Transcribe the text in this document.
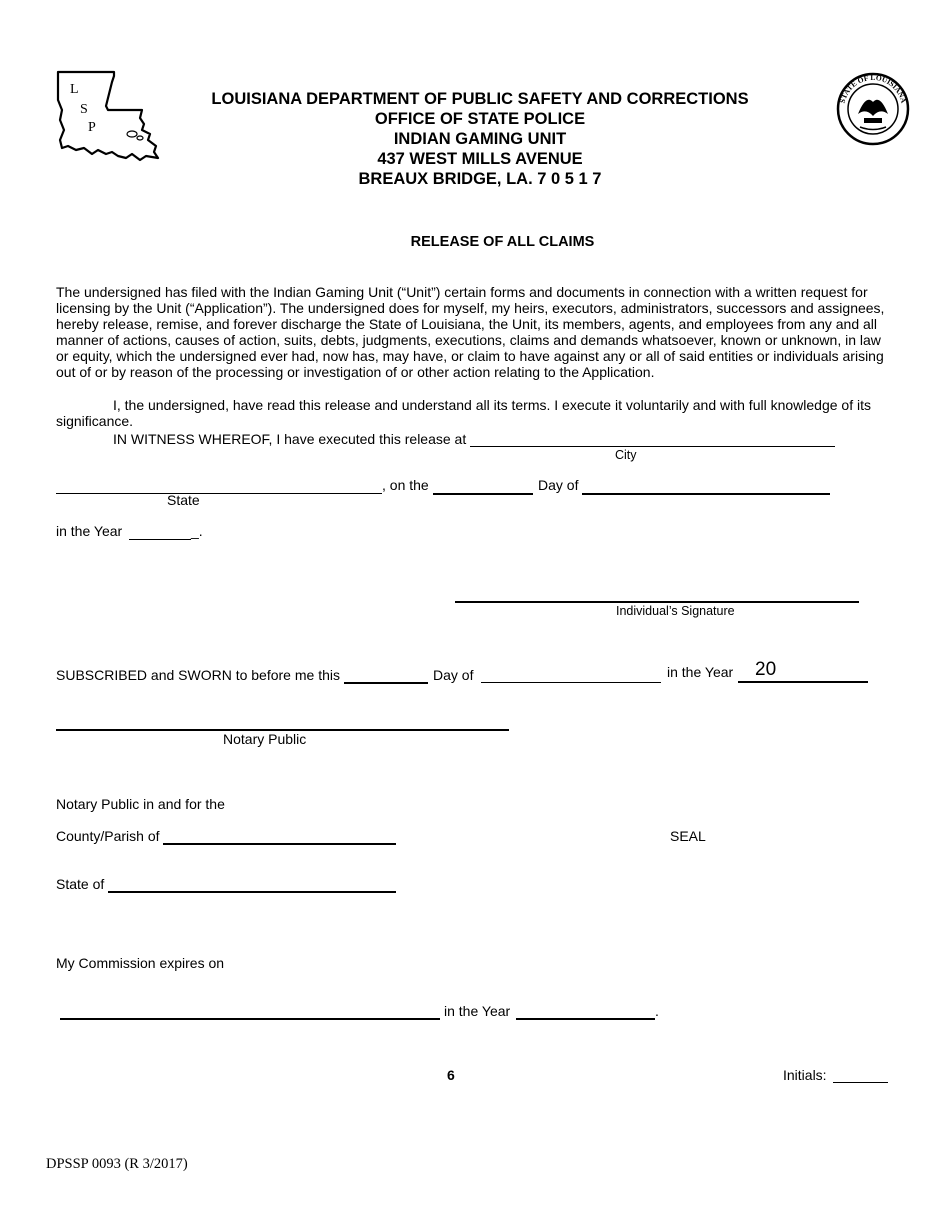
L
S
P
LOUISIANA DEPARTMENT OF PUBLIC SAFETY AND CORRECTIONS
OFFICE OF STATE POLICE
INDIAN GAMING UNIT
437 WEST MILLS AVENUE
BREAUX BRIDGE, LA. 7 0 5 1 7
STATE OF LOUISIANA
RELEASE OF ALL CLAIMS
The undersigned has filed with the Indian Gaming Unit (“Unit”) certain forms and documents in connection with a written request for licensing by the Unit (“Application”). The undersigned does for myself, my heirs, executors, administrators, successors and assignees, hereby release, remise, and forever discharge the State of Louisiana, the Unit, its members, agents, and employees from any and all manner of actions, causes of action, suits, debts, judgments, executions, claims and demands whatsoever, known or unknown, in law or equity, which the undersigned ever had, now has, may have, or claim to have against any or all of said entities or individuals arising out of or by reason of the processing or investigation of or other action relating to the Application.
I, the undersigned, have read this release and understand all its terms. I execute it voluntarily and with full knowledge of its significance.
IN WITNESS WHEREOF, I have executed this release at
City
, on the	Day of
State
in the Year	_.
Individual’s Signature
SUBSCRIBED and SWORN to before me this	Day of	in the Year 20
Notary Public
Notary Public in and for the
County/Parish of	SEAL
State of
My Commission expires on
in the Year	.
6	Initials:
DPSSP 0093 (R 3/2017)
